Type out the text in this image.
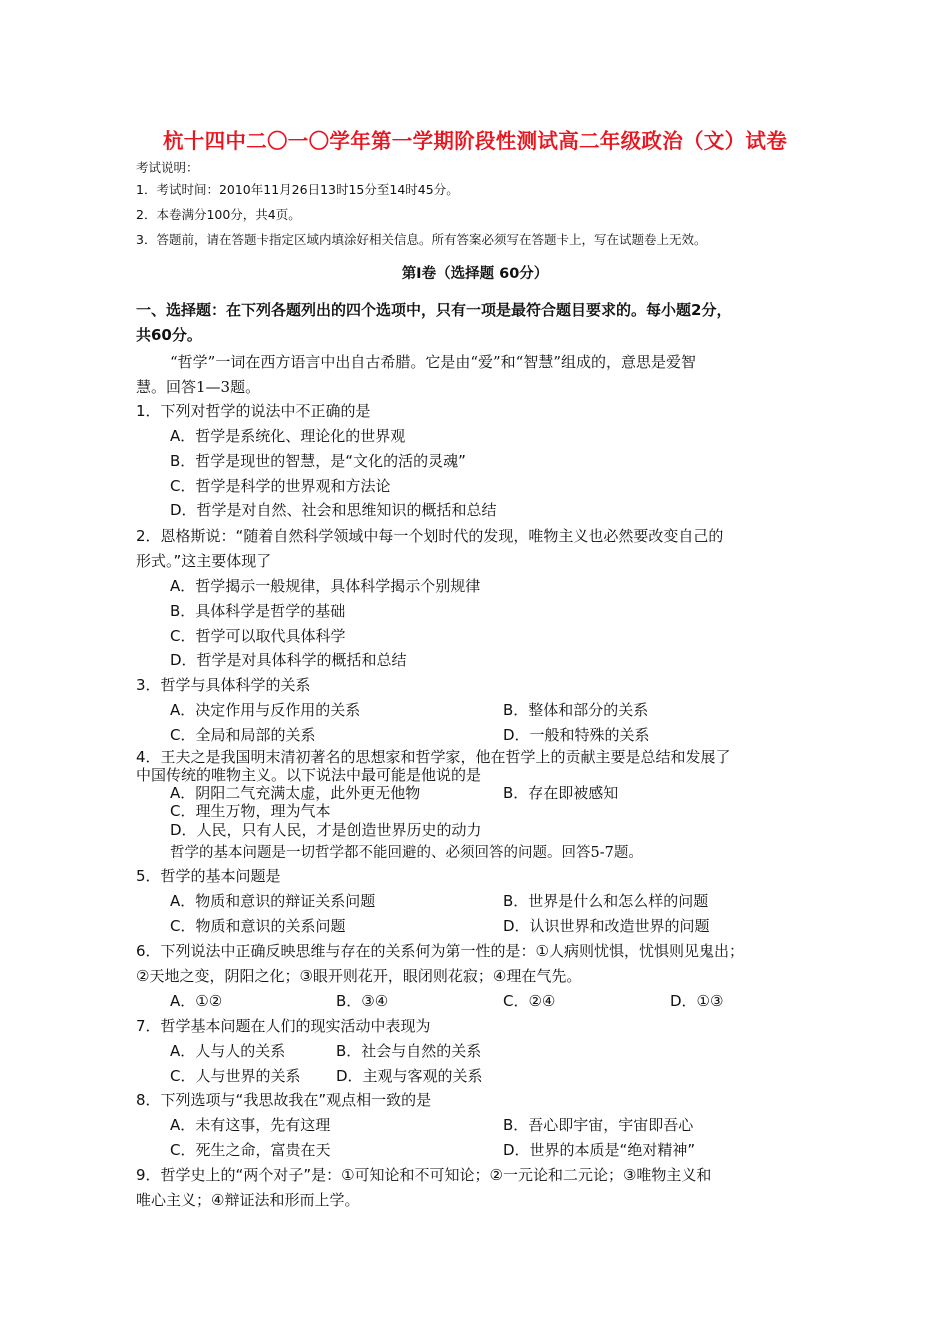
杭十四中二〇一〇学年第一学期阶段性测试高二年级政治（文）试卷
考试说明：
1．考试时间：2010年11月26日13时15分至14时45分。
2．本卷满分100分，共4页。
3．答题前，请在答题卡指定区域内填涂好相关信息。所有答案必须写在答题卡上，写在试题卷上无效。
第Ⅰ卷（选择题 60分）
一、选择题：在下列各题列出的四个选项中，只有一项是最符合题目要求的。每小题2分，
共60分。
“哲学”一词在西方语言中出自古希腊。它是由“爱”和“智慧”组成的，意思是爱智
慧。回答1—3题。
1．下列对哲学的说法中不正确的是
A．哲学是系统化、理论化的世界观
B．哲学是现世的智慧，是“文化的活的灵魂”
C．哲学是科学的世界观和方法论
D．哲学是对自然、社会和思维知识的概括和总结
2．恩格斯说：“随着自然科学领域中每一个划时代的发现，唯物主义也必然要改变自己的
形式。”这主要体现了
A．哲学揭示一般规律，具体科学揭示个别规律
B．具体科学是哲学的基础
C．哲学可以取代具体科学
D．哲学是对具体科学的概括和总结
3．哲学与具体科学的关系
A．决定作用与反作用的关系	B．整体和部分的关系
C．全局和局部的关系	D．一般和特殊的关系
4．王夫之是我国明末清初著名的思想家和哲学家，他在哲学上的贡献主要是总结和发展了
中国传统的唯物主义。以下说法中最可能是他说的是
A．阴阳二气充满太虚，此外更无他物	B．存在即被感知
C．理生万物，理为气本
D．人民，只有人民，才是创造世界历史的动力
哲学的基本问题是一切哲学都不能回避的、必须回答的问题。回答5-7题。
5．哲学的基本问题是
A．物质和意识的辩证关系问题	B．世界是什么和怎么样的问题
C．物质和意识的关系问题	D．认识世界和改造世界的问题
6．下列说法中正确反映思维与存在的关系何为第一性的是：①人病则忧惧，忧惧则见鬼出；
②天地之变，阴阳之化；③眼开则花开，眼闭则花寂；④理在气先。
A．①②	B．③④	C．②④	D．①③
7．哲学基本问题在人们的现实活动中表现为
A．人与人的关系	B．社会与自然的关系
C．人与世界的关系 D．主观与客观的关系
8．下列选项与“我思故我在”观点相一致的是
A．未有这事，先有这理	B．吾心即宇宙，宇宙即吾心
C．死生之命，富贵在天	D．世界的本质是“绝对精神”
9．哲学史上的“两个对子”是：①可知论和不可知论；②一元论和二元论；③唯物主义和
唯心主义；④辩证法和形而上学。
